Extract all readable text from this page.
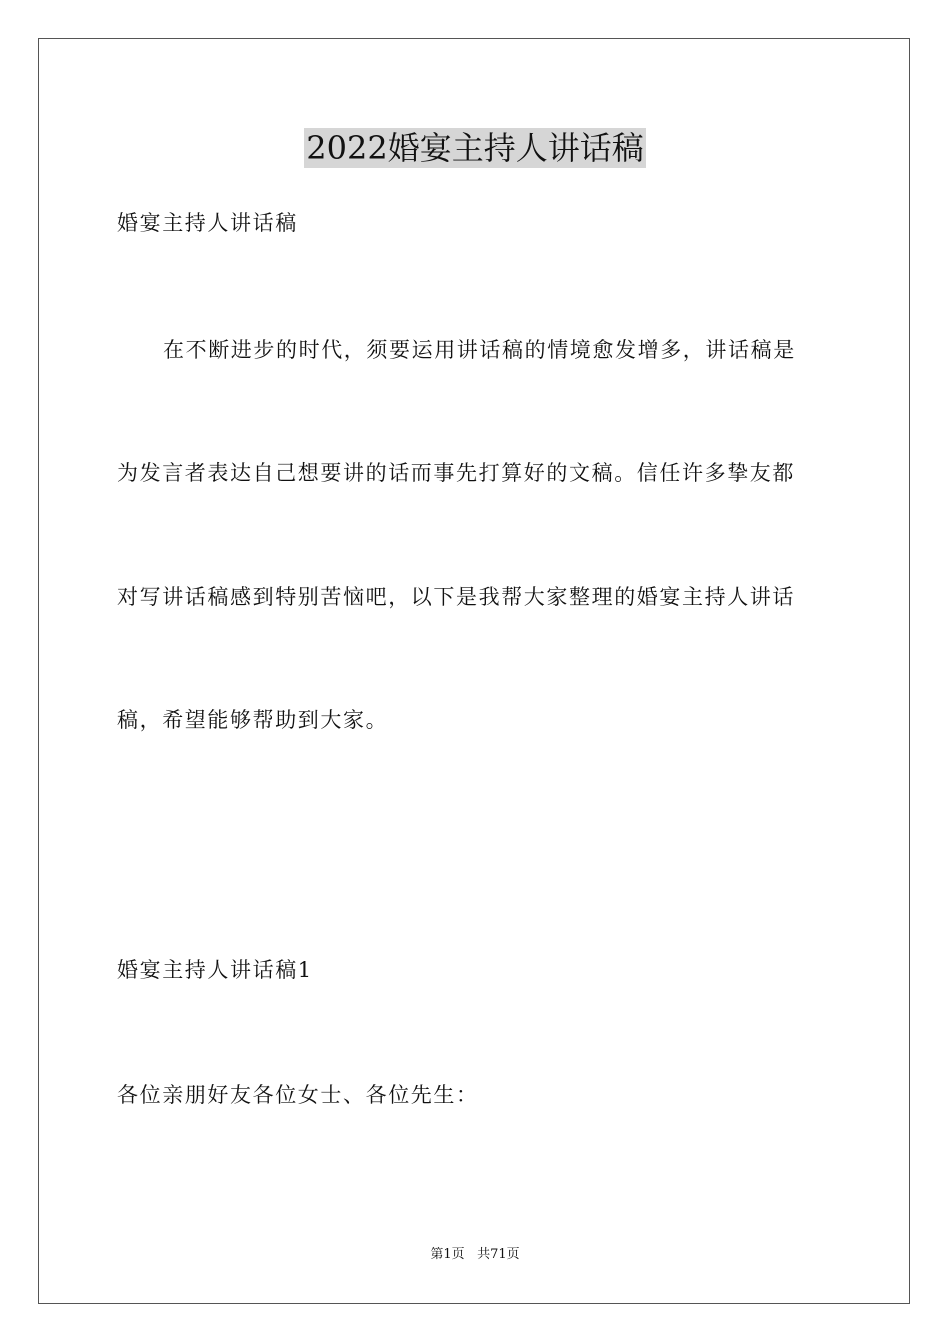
2022婚宴主持人讲话稿
婚宴主持人讲话稿
在不断进步的时代，须要运用讲话稿的情境愈发增多，讲话稿是
为发言者表达自己想要讲的话而事先打算好的文稿。信任许多挚友都
对写讲话稿感到特别苦恼吧，以下是我帮大家整理的婚宴主持人讲话
稿，希望能够帮助到大家。
婚宴主持人讲话稿1
各位亲朋好友各位女士、各位先生：
第1页 共71页
